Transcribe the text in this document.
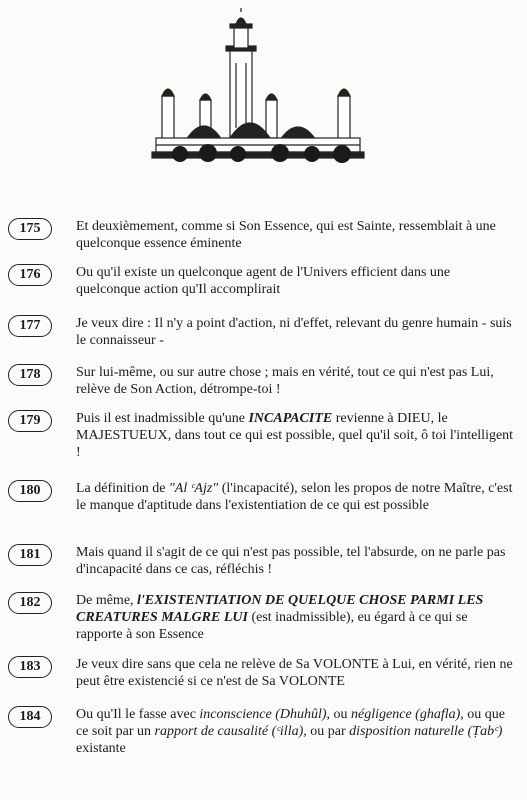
175	Et deuxièmement, comme si Son Essence, qui est Sainte, ressemblait à une quelconque essence éminente
176	Ou qu'il existe un quelconque agent de l'Univers efficient dans une quelconque action qu'Il accomplirait
177	Je veux dire : Il n'y a point d'action, ni d'effet, relevant du genre humain - suis le connaisseur -
178	Sur lui-même, ou sur autre chose ; mais en vérité, tout ce qui n'est pas Lui, relève de Son Action, détrompe-toi !
179	Puis il est inadmissible qu'une INCAPACITE revienne à DIEU, le MAJESTUEUX, dans tout ce qui est possible, quel qu'il soit, ô toi l'intelligent !
180	La définition de "Al ᶜAjz" (l'incapacité), selon les propos de notre Maître, c'est le manque d'aptitude dans l'existentiation de ce qui est possible
181	Mais quand il s'agit de ce qui n'est pas possible, tel l'absurde, on ne parle pas d'incapacité dans ce cas, réfléchis !
182	De même, l'EXISTENTIATION DE QUELQUE CHOSE PARMI LES CREATURES MALGRE LUI (est inadmissible), eu égard à ce qui se rapporte à son Essence
183	Je veux dire sans que cela ne relève de Sa VOLONTE à Lui, en vérité, rien ne peut être existencié si ce n'est de Sa VOLONTE
184	Ou qu'Il le fasse avec inconscience (Dhuhûl), ou négligence (ghafla), ou que ce soit par un rapport de causalité (ᶜilla), ou par disposition naturelle (Ṭabᶜ) existante
